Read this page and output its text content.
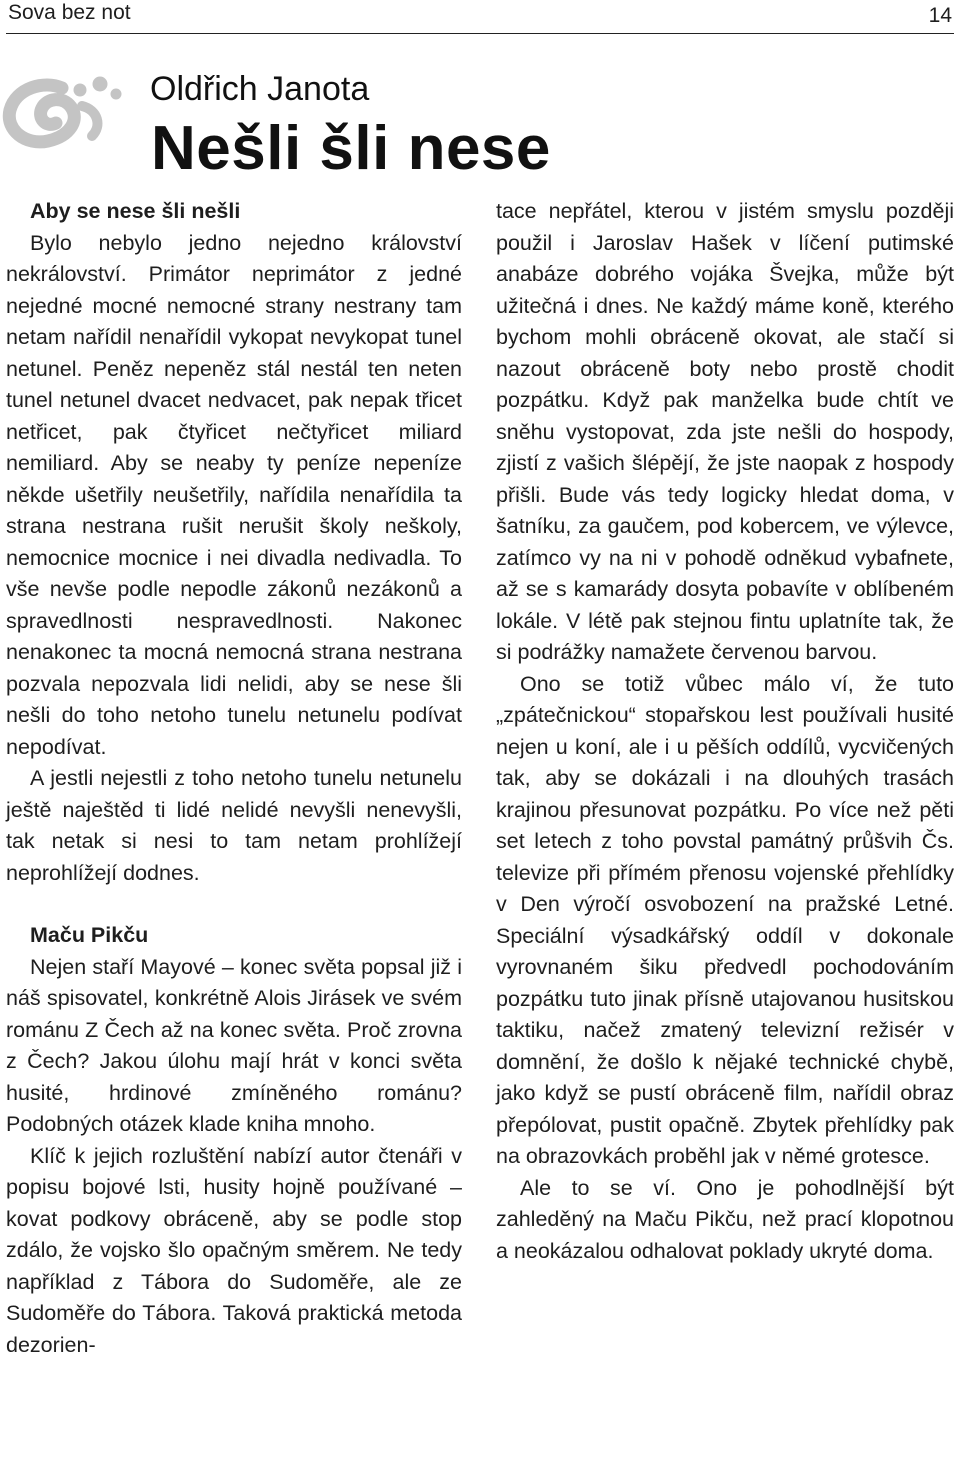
Sova bez not	14
Oldřich Janota
Nešli šli nese
Aby se nese šli nešli

Bylo nebylo jedno nejedno království nekrálovství. Primátor neprimátor z jedné nejedné mocné nemocné strany nestrany tam netam nařídil nenařídil vykopat nevykopat tunel netunel. Peněz nepeněz stál nestál ten neten tunel netunel dvacet nedvacet, pak nepak třicet netřicet, pak čtyřicet nečtyřicet miliard nemiliard. Aby se neaby ty peníze nepeníze někde ušetřily neušetřily, nařídila nenařídila ta strana nestrana rušit nerušit školy neškoly, nemocnice mocnice i nei divadla nedivadla. To vše nevše podle nepodle zákonů nezákonů a spravedlnosti nespravedlnosti. Nakonec nenakonec ta mocná nemocná strana nestrana pozvala nepozvala lidi nelidi, aby se nese šli nešli do toho netoho tunelu netunelu podívat nepodívat.

A jestli nejestli z toho netoho tunelu netunelu ještě naještěd ti lidé nelidé nevyšli nenevyšli, tak netak si nesi to tam netam prohlížejí neprohlížejí dodnes.

Maču Pikču

Nejen staří Mayové – konec světa popsal již i náš spisovatel, konkrétně Alois Jirásek ve svém románu Z Čech až na konec světa. Proč zrovna z Čech? Jakou úlohu mají hrát v konci světa husité, hrdinové zmíněného románu? Podobných otázek klade kniha mnoho.

Klíč k jejich rozluštění nabízí autor čtenáři v popisu bojové lsti, husity hojně používané – kovat podkovy obráceně, aby se podle stop zdálo, že vojsko šlo opačným směrem. Ne tedy například z Tábora do Sudoměře, ale ze Sudoměře do Tábora. Taková praktická metoda dezorien-

tace nepřátel, kterou v jistém smyslu později použil i Jaroslav Hašek v líčení putimské anabáze dobrého vojáka Švejka, může být užitečná i dnes. Ne každý máme koně, kterého bychom mohli obráceně okovat, ale stačí si nazout obráceně boty nebo prostě chodit pozpátku. Když pak manželka bude chtít ve sněhu vystopovat, zda jste nešli do hospody, zjistí z vašich šlépějí, že jste naopak z hospody přišli. Bude vás tedy logicky hledat doma, v šatníku, za gaučem, pod kobercem, ve výlevce, zatímco vy na ni v pohodě odněkud vybafnete, až se s kamarády dosyta pobavíte v oblíbeném lokále. V létě pak stejnou fintu uplatníte tak, že si podrážky namažete červenou barvou.

Ono se totiž vůbec málo ví, že tuto „zpátečnickou“ stopařskou lest používali husité nejen u koní, ale i u pěších oddílů, vycvičených tak, aby se dokázali i na dlouhých trasách krajinou přesunovat pozpátku. Po více než pěti set letech z toho povstal památný průšvih Čs. televize při přímém přenosu vojenské přehlídky v Den výročí osvobození na pražské Letné. Speciální výsadkářský oddíl v dokonale vyrovnaném šiku předvedl pochodováním pozpátku tuto jinak přísně utajovanou husitskou taktiku, načež zmatený televizní režisér v domnění, že došlo k nějaké technické chybě, jako když se pustí obráceně film, nařídil obraz přepólovat, pustit opačně. Zbytek přehlídky pak na obrazovkách proběhl jak v němé grotesce.

Ale to se ví. Ono je pohodlnější být zahleděný na Maču Pikču, než prací klopotnou a neokázalou odhalovat poklady ukryté doma.
